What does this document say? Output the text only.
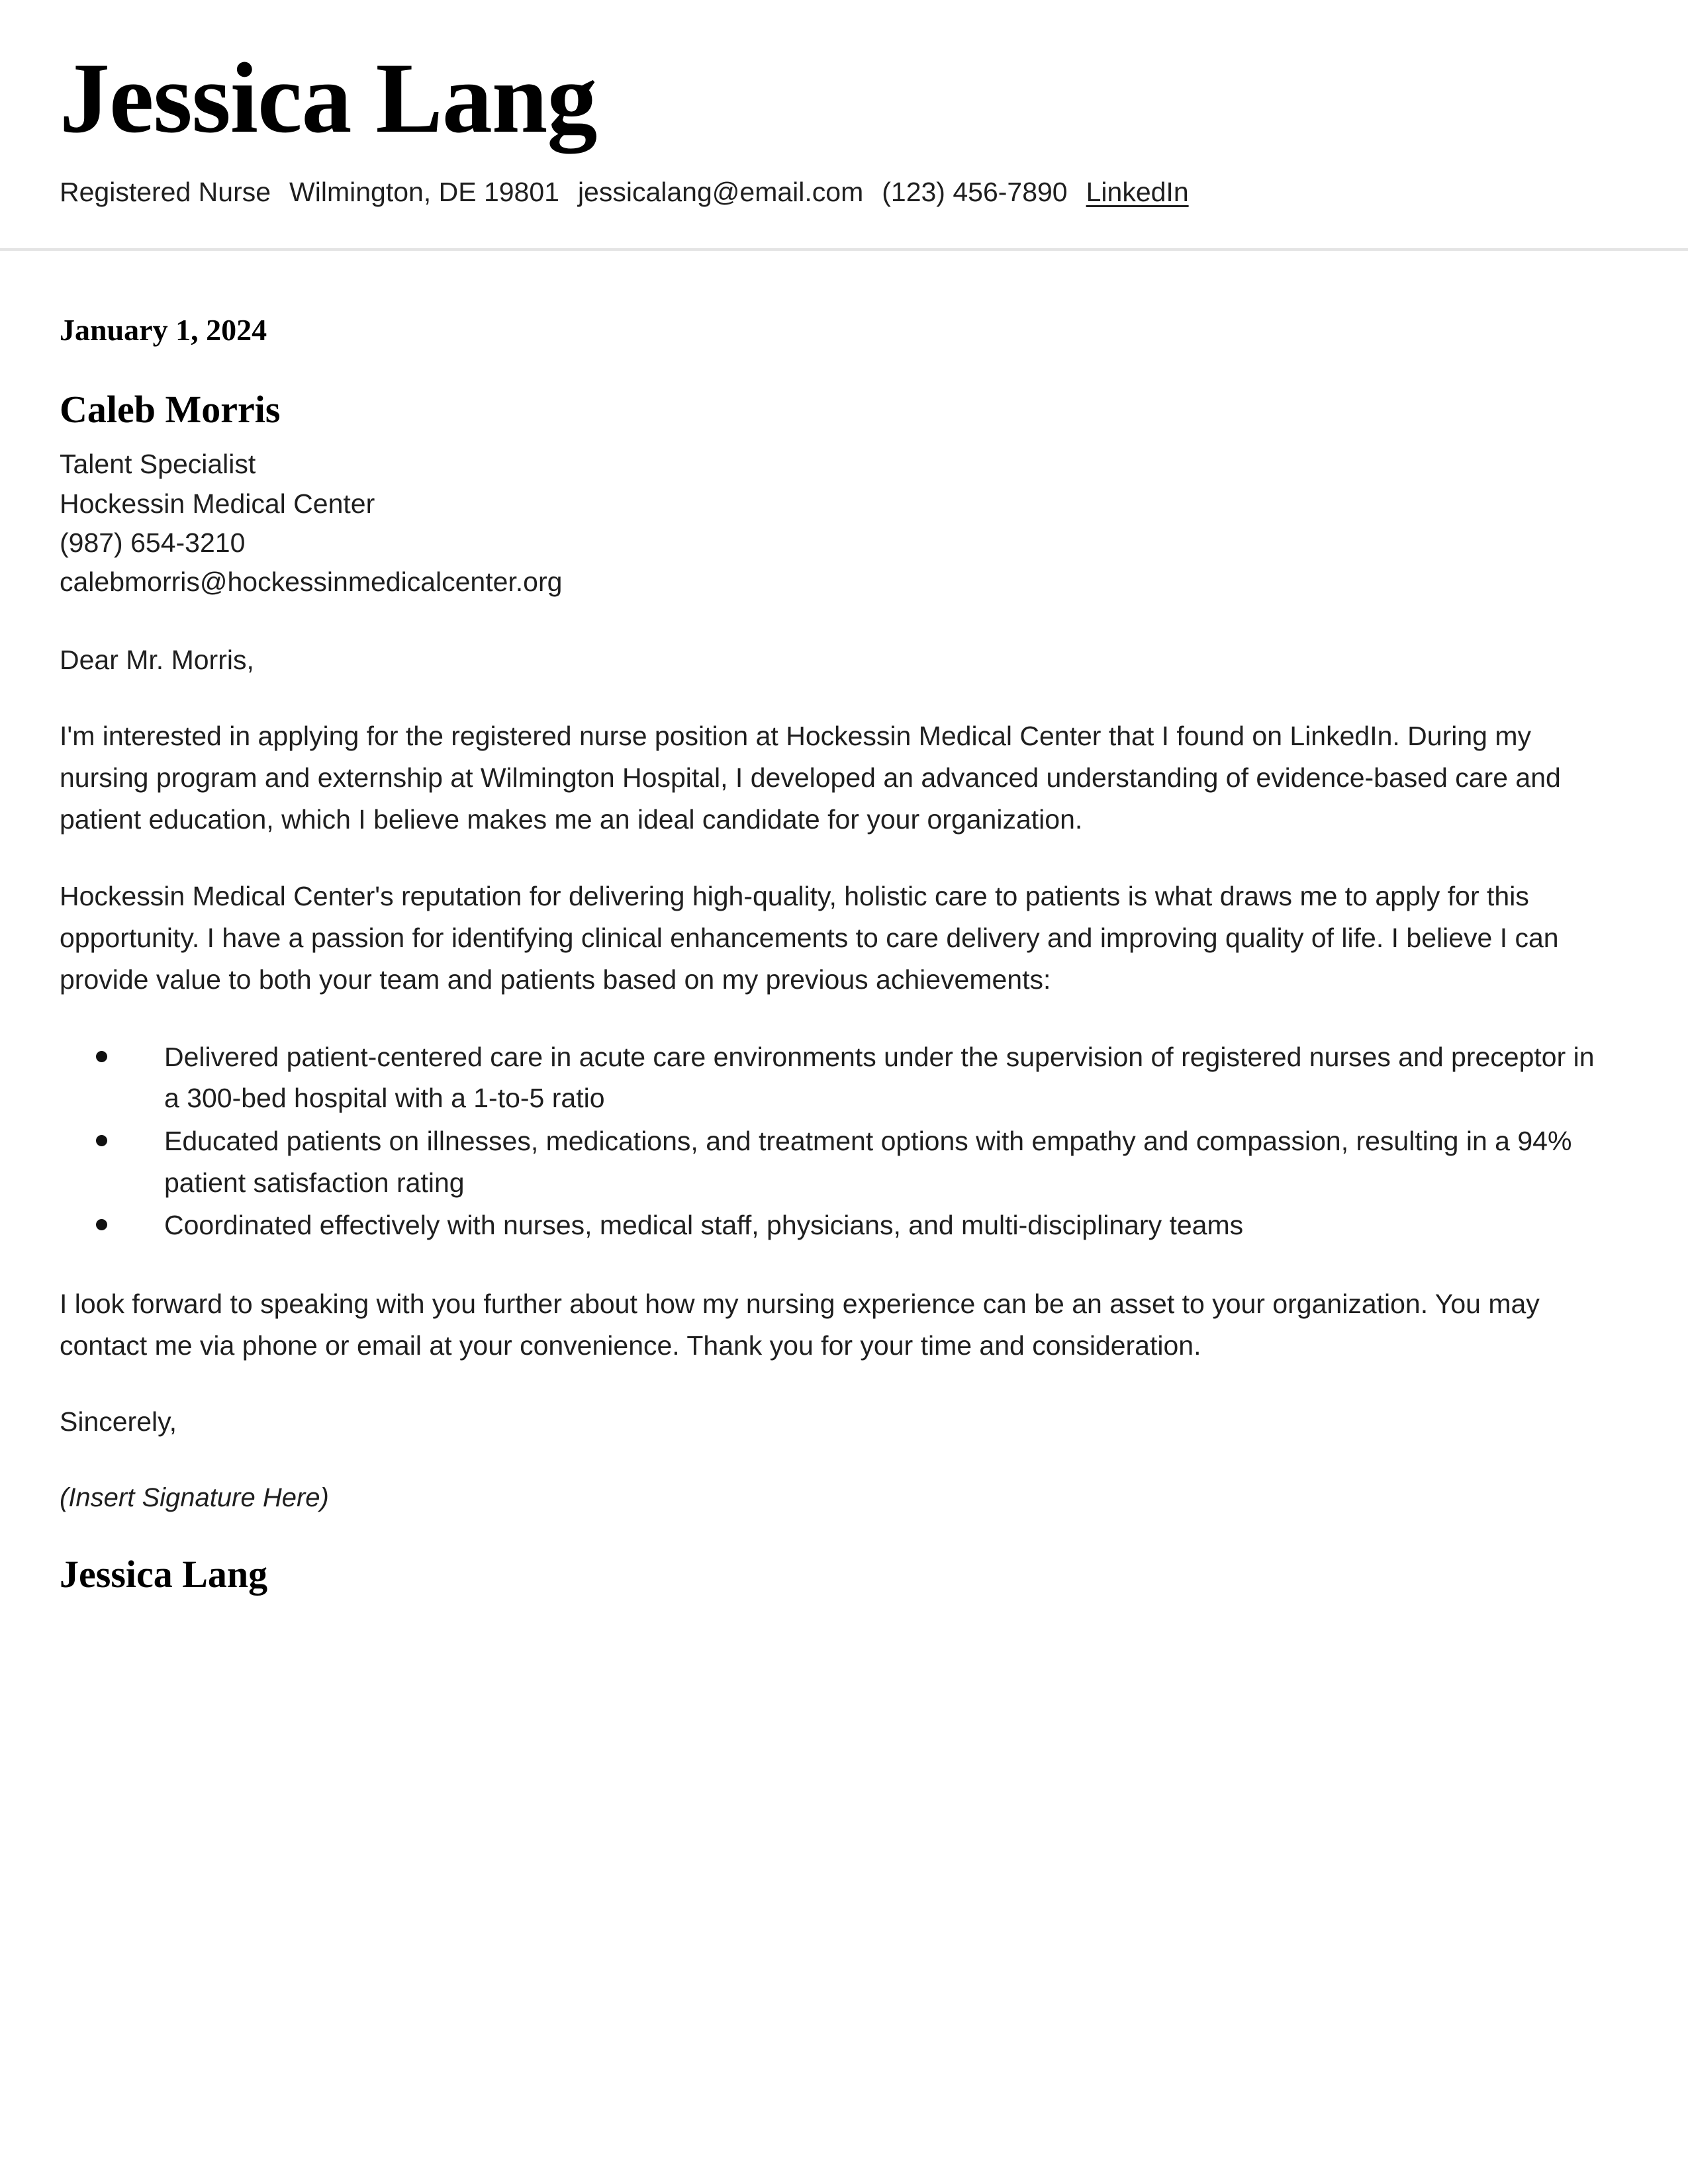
Jessica Lang
Registered Nurse Wilmington, DE 19801 jessicalang@email.com (123) 456-7890 LinkedIn
January 1, 2024
Caleb Morris
Talent Specialist
Hockessin Medical Center
(987) 654-3210
calebmorris@hockessinmedicalcenter.org
Dear Mr. Morris,

I'm interested in applying for the registered nurse position at Hockessin Medical Center that I found on LinkedIn. During my nursing program and externship at Wilmington Hospital, I developed an advanced understanding of evidence-based care and patient education, which I believe makes me an ideal candidate for your organization.

Hockessin Medical Center's reputation for delivering high-quality, holistic care to patients is what draws me to apply for this opportunity. I have a passion for identifying clinical enhancements to care delivery and improving quality of life. I believe I can provide value to both your team and patients based on my previous achievements:

Delivered patient-centered care in acute care environments under the supervision of registered nurses and preceptor in a 300-bed hospital with a 1-to-5 ratio
Educated patients on illnesses, medications, and treatment options with empathy and compassion, resulting in a 94% patient satisfaction rating
Coordinated effectively with nurses, medical staff, physicians, and multi-disciplinary teams

I look forward to speaking with you further about how my nursing experience can be an asset to your organization. You may contact me via phone or email at your convenience. Thank you for your time and consideration.

Sincerely,
(Insert Signature Here)
Jessica Lang
